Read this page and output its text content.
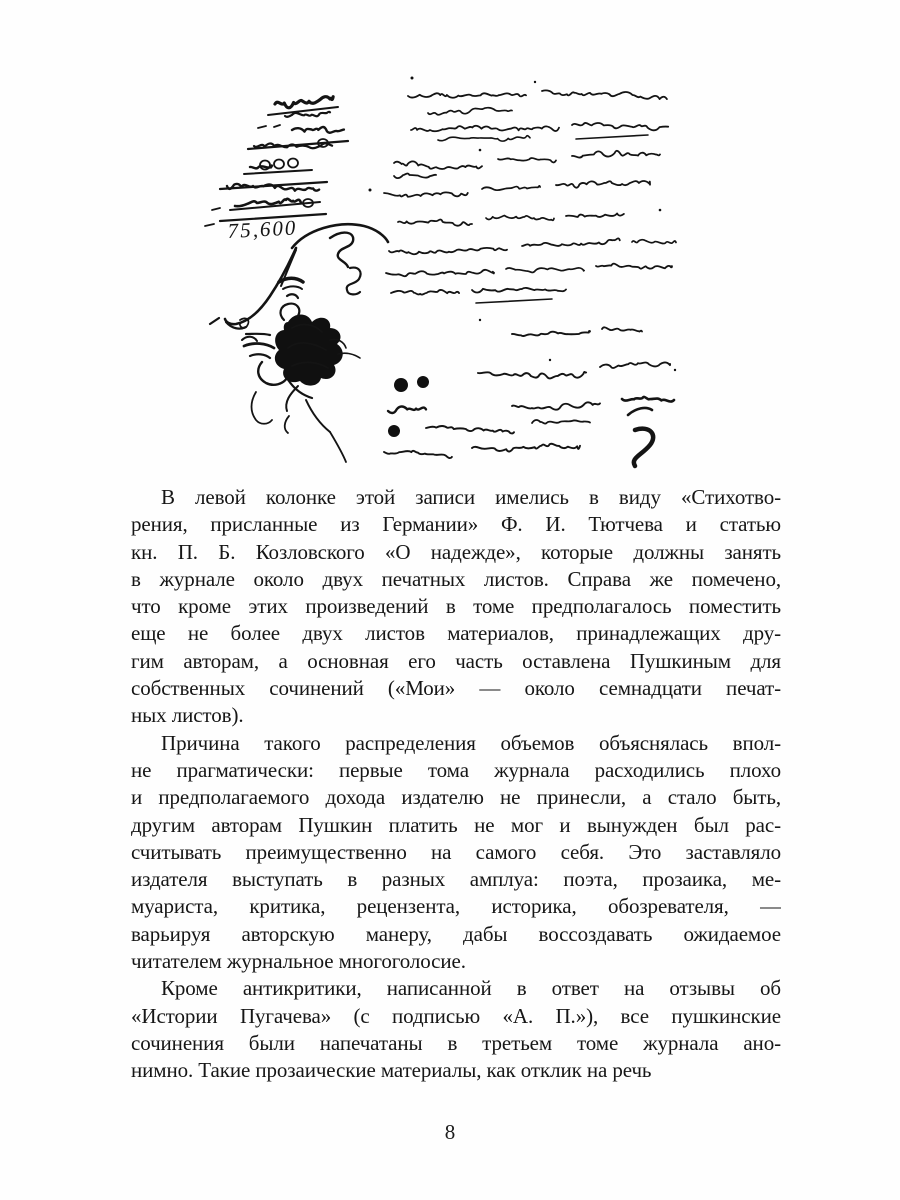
75,600
В левой колонке этой записи имелись в виду «Стихотво-
рения, присланные из Германии» Ф. И. Тютчева и статью
кн. П. Б. Козловского «О надежде», которые должны занять
в журнале около двух печатных листов. Справа же помечено,
что кроме этих произведений в томе предполагалось поместить
еще не более двух листов материалов, принадлежащих дру-
гим авторам, а основная его часть оставлена Пушкиным для
собственных сочинений («Мои» — около семнадцати печат-
ных листов).
Причина такого распределения объемов объяснялась впол-
не прагматически: первые тома журнала расходились плохо
и предполагаемого дохода издателю не принесли, а стало быть,
другим авторам Пушкин платить не мог и вынужден был рас-
считывать преимущественно на самого себя. Это заставляло
издателя выступать в разных амплуа: поэта, прозаика, ме-
муариста, критика, рецензента, историка, обозревателя, —
варьируя авторскую манеру, дабы воссоздавать ожидаемое
читателем журнальное многоголосие.
Кроме антикритики, написанной в ответ на отзывы об
«Истории Пугачева» (с подписью «А. П.»), все пушкинские
сочинения были напечатаны в третьем томе журнала ано-
нимно. Такие прозаические материалы, как отклик на речь
8
